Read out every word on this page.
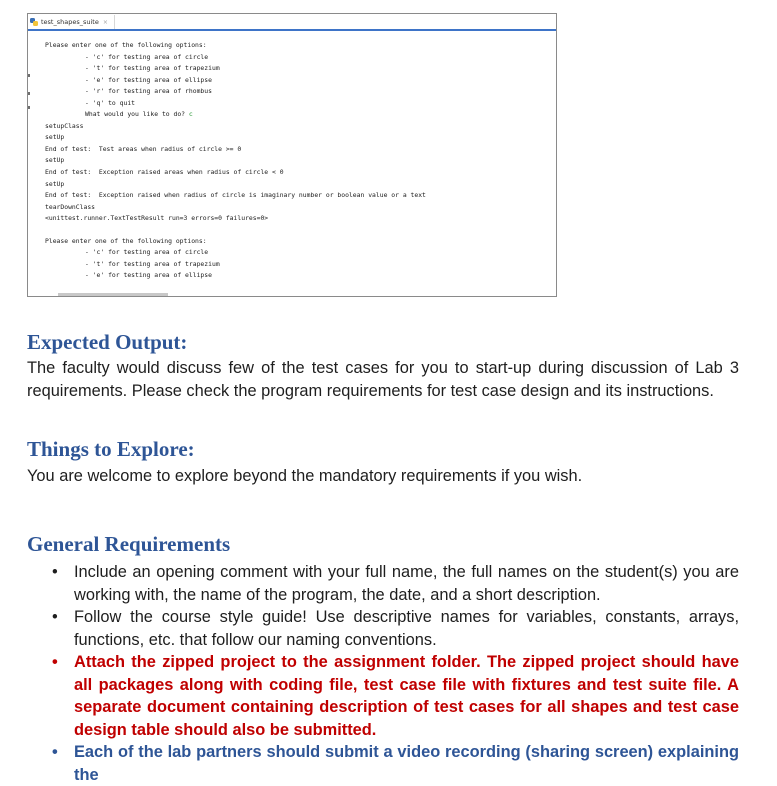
test_shapes_suite ×
Please enter one of the following options:
- 'c' for testing area of circle
- 't' for testing area of trapezium
- 'e' for testing area of ellipse
- 'r' for testing area of rhombus
- 'q' to quit
What would you like to do? c
setupClass
setUp
End of test:  Test areas when radius of circle >= 0
setUp
End of test:  Exception raised areas when radius of circle < 0
setUp
End of test:  Exception raised when radius of circle is imaginary number or boolean value or a text
tearDownClass
<unittest.runner.TextTestResult run=3 errors=0 failures=0>
Please enter one of the following options:
- 'c' for testing area of circle
- 't' for testing area of trapezium
- 'e' for testing area of ellipse
Expected Output:

The faculty would discuss few of the test cases for you to start-up during discussion of Lab 3 requirements. Please check the program requirements for test case design and its instructions.

Things to Explore:

You are welcome to explore beyond the mandatory requirements if you wish.

General Requirements
• Include an opening comment with your full name, the full names on the student(s) you are working with, the name of the program, the date, and a short description.
• Follow the course style guide! Use descriptive names for variables, constants, arrays, functions, etc. that follow our naming conventions.
• Attach the zipped project to the assignment folder. The zipped project should have all packages along with coding file, test case file with fixtures and test suite file. A separate document containing description of test cases for all shapes and test case design table should also be submitted.
• Each of the lab partners should submit a video recording (sharing screen) explaining the
